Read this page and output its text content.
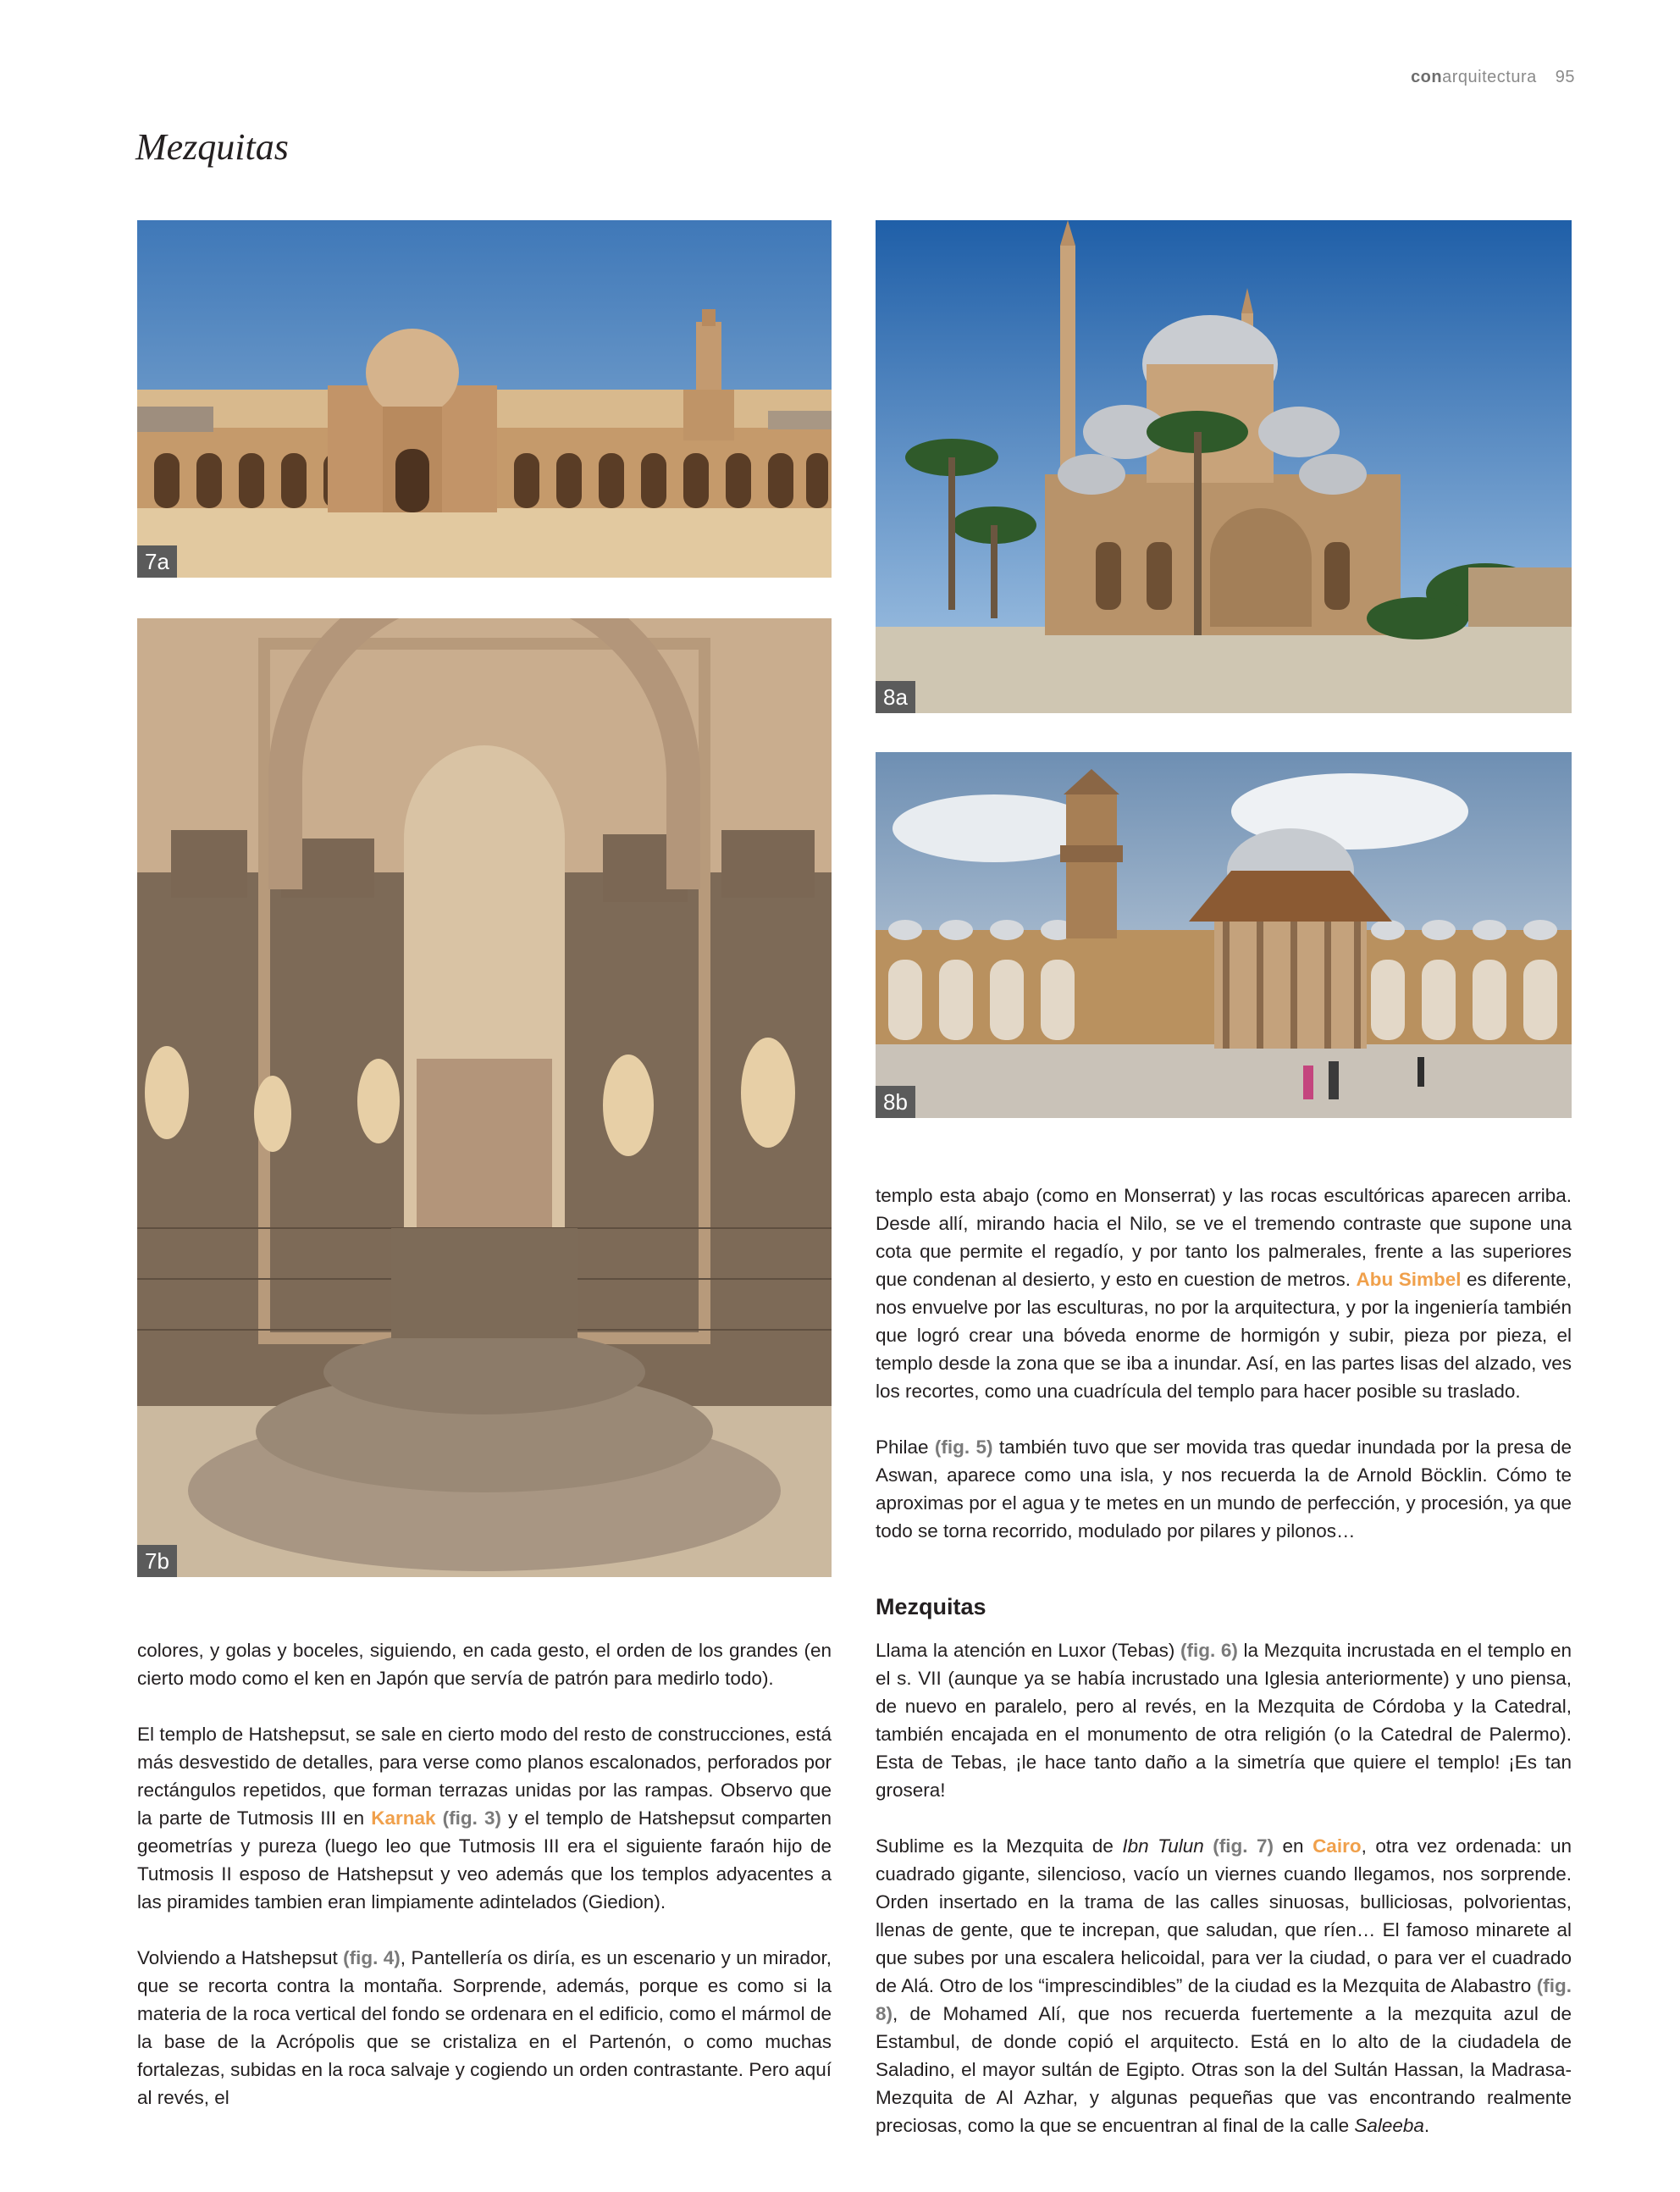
conarquitectura 95
Mezquitas
7a
7b
8a
8b

colores, y golas y boceles, siguiendo, en cada gesto, el orden de los grandes (en cierto modo como el ken en Japón que servía de patrón para medirlo todo).

El templo de Hatshepsut, se sale en cierto modo del resto de construcciones, está más desvestido de detalles, para verse como planos escalonados, perforados por rectángulos repetidos, que forman terrazas unidas por las rampas. Observo que la parte de Tutmosis III en Karnak (fig. 3) y el templo de Hatshepsut comparten geometrías y pureza (luego leo que Tutmosis III era el siguiente faraón hijo de Tutmosis II esposo de Hatshepsut y veo además que los templos adyacentes a las piramides tambien eran limpiamente adintelados (Giedion).

Volviendo a Hatshepsut (fig. 4), Pantellería os diría, es un escenario y un mirador, que se recorta contra la montaña. Sorprende, además, porque es como si la materia de la roca vertical del fondo se ordenara en el edificio, como el mármol de la base de la Acrópolis que se cristaliza en el Partenón, o como muchas fortalezas, subidas en la roca salvaje y cogiendo un orden contrastante. Pero aquí al revés, el

templo esta abajo (como en Monserrat) y las rocas escultóricas aparecen arriba. Desde allí, mirando hacia el Nilo, se ve el tremendo contraste que supone una cota que permite el regadío, y por tanto los palmerales, frente a las superiores que condenan al desierto, y esto en cuestion de metros. Abu Simbel es diferente, nos envuelve por las esculturas, no por la arquitectura, y por la ingeniería también que logró crear una bóveda enorme de hormigón y subir, pieza por pieza, el templo desde la zona que se iba a inundar. Así, en las partes lisas del alzado, ves los recortes, como una cuadrícula del templo para hacer posible su traslado.

Philae (fig. 5) también tuvo que ser movida tras quedar inundada por la presa de Aswan, aparece como una isla, y nos recuerda la de Arnold Böcklin. Cómo te aproximas por el agua y te metes en un mundo de perfección, y procesión, ya que todo se torna recorrido, modulado por pilares y pilonos…

Mezquitas

Llama la atención en Luxor (Tebas) (fig. 6) la Mezquita incrustada en el templo en el s. VII (aunque ya se había incrustado una Iglesia anteriormente) y uno piensa, de nuevo en paralelo, pero al revés, en la Mezquita de Córdoba y la Catedral, también encajada en el monumento de otra religión (o la Catedral de Palermo). Esta de Tebas, ¡le hace tanto daño a la simetría que quiere el templo! ¡Es tan grosera!

Sublime es la Mezquita de Ibn Tulun (fig. 7) en Cairo, otra vez ordenada: un cuadrado gigante, silencioso, vacío un viernes cuando llegamos, nos sorprende. Orden insertado en la trama de las calles sinuosas, bulliciosas, polvorientas, llenas de gente, que te increpan, que saludan, que ríen… El famoso minarete al que subes por una escalera helicoidal, para ver la ciudad, o para ver el cuadrado de Alá. Otro de los “imprescindibles” de la ciudad es la Mezquita de Alabastro (fig. 8), de Mohamed Alí, que nos recuerda fuertemente a la mezquita azul de Estambul, de donde copió el arquitecto. Está en lo alto de la ciudadela de Saladino, el mayor sultán de Egipto. Otras son la del Sultán Hassan, la Madrasa-Mezquita de Al Azhar, y algunas pequeñas que vas encontrando realmente preciosas, como la que se encuentran al final de la calle Saleeba.
